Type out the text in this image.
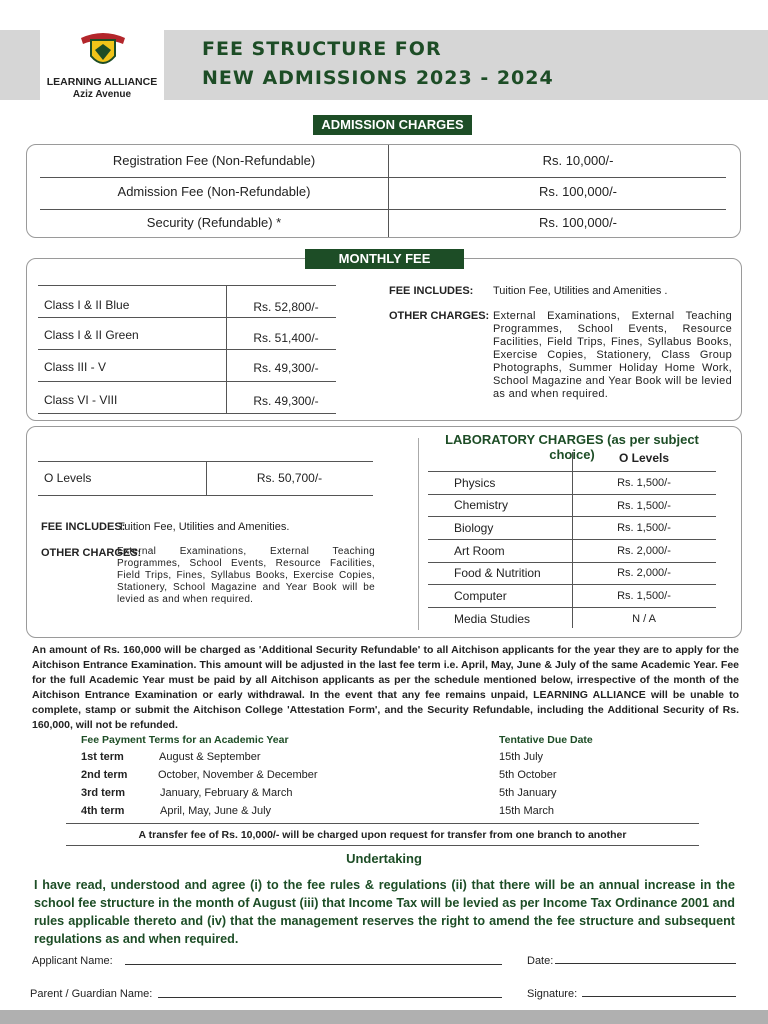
LEARNING ALLIANCE
Aziz Avenue
FEE STRUCTURE FOR
NEW ADMISSIONS 2023 - 2024
ADMISSION CHARGES
Registration Fee (Non-Refundable)	Rs. 10,000/-
Admission Fee (Non-Refundable)	Rs. 100,000/-
Security (Refundable) *	Rs. 100,000/-
MONTHLY FEE
Class I & II Blue	Rs. 52,800/-
Class I & II Green	Rs. 51,400/-
Class III - V	Rs. 49,300/-
Class VI - VIII	Rs. 49,300/-
FEE INCLUDES: Tuition Fee, Utilities and Amenities .
OTHER CHARGES: External Examinations, External Teaching Programmes, School Events, Resource Facilities, Field Trips, Fines, Syllabus Books, Exercise Copies, Stationery, Class Group Photographs, Summer Holiday Home Work, School Magazine and Year Book will be levied as and when required.
O Levels	Rs. 50,700/-
FEE INCLUDES:
Tuition Fee, Utilities and Amenities.
OTHER CHARGES:
External Examinations, External Teaching Programmes, School Events, Resource Facilities, Field Trips, Fines, Syllabus Books, Exercise Copies, Stationery, School Magazine and Year Book will be levied as and when required.
LABORATORY CHARGES (as per subject choice)	O Levels
Physics	Rs. 1,500/-
Chemistry	Rs. 1,500/-
Biology	Rs. 1,500/-
Art Room	Rs. 2,000/-
Food & Nutrition	Rs. 2,000/-
Computer	Rs. 1,500/-
Media Studies	N / A
An amount of Rs. 160,000 will be charged as 'Additional Security Refundable' to all Aitchison applicants for the year they are to apply for the Aitchison Entrance Examination. This amount will be adjusted in the last fee term i.e. April, May, June & July of the same Academic Year. Fee for the full Academic Year must be paid by all Aitchison applicants as per the schedule mentioned below, irrespective of the month of the Aitchison Entrance Examination or early withdrawal. In the event that any fee remains unpaid, LEARNING ALLIANCE will be unable to complete, stamp or submit the Aitchison College 'Attestation Form', and the Security Refundable, including the Additional Security of Rs. 160,000, will not be refunded.
Fee Payment Terms for an Academic Year	Tentative Due Date
1st term	August & September	15th July
2nd term	October, November & December	5th October
3rd term	January, February & March	5th January
4th term	April, May, June & July	15th March
A transfer fee of Rs. 10,000/- will be charged upon request for transfer from one branch to another
Undertaking
I have read, understood and agree (i) to the fee rules & regulations (ii) that there will be an annual increase in the school fee structure in the month of August (iii) that Income Tax will be levied as per Income Tax Ordinance 2001 and rules applicable thereto and (iv) that the management reserves the right to amend the fee structure and subsequent regulations as and when required.
Applicant Name:	Date:
Parent / Guardian Name:	Signature:
